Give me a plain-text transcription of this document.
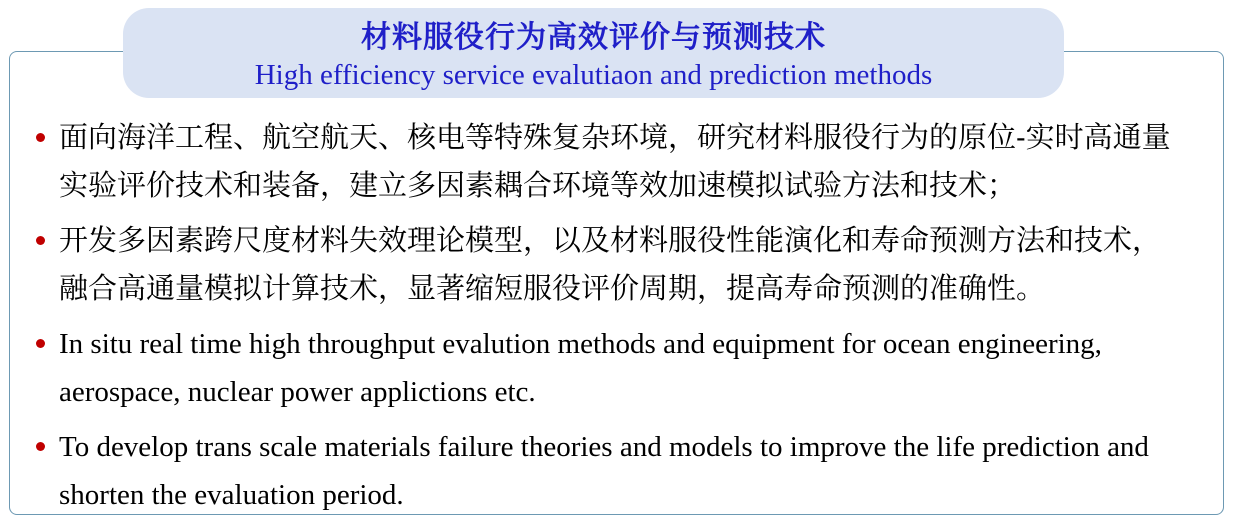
面向海洋工程、航空航天、核电等特殊复杂环境，研究材料服役行为的原位-实时高通量实验评价技术和装备，建立多因素耦合环境等效加速模拟试验方法和技术；
开发多因素跨尺度材料失效理论模型，以及材料服役性能演化和寿命预测方法和技术，融合高通量模拟计算技术，显著缩短服役评价周期，提高寿命预测的准确性。
In situ real time high throughput evalution methods and equipment for ocean engineering, aerospace, nuclear power applictions etc.
To develop trans scale materials failure theories and models to improve the life prediction and shorten the evaluation period.
材料服役行为高效评价与预测技术
High efficiency service evalutiaon and prediction methods
